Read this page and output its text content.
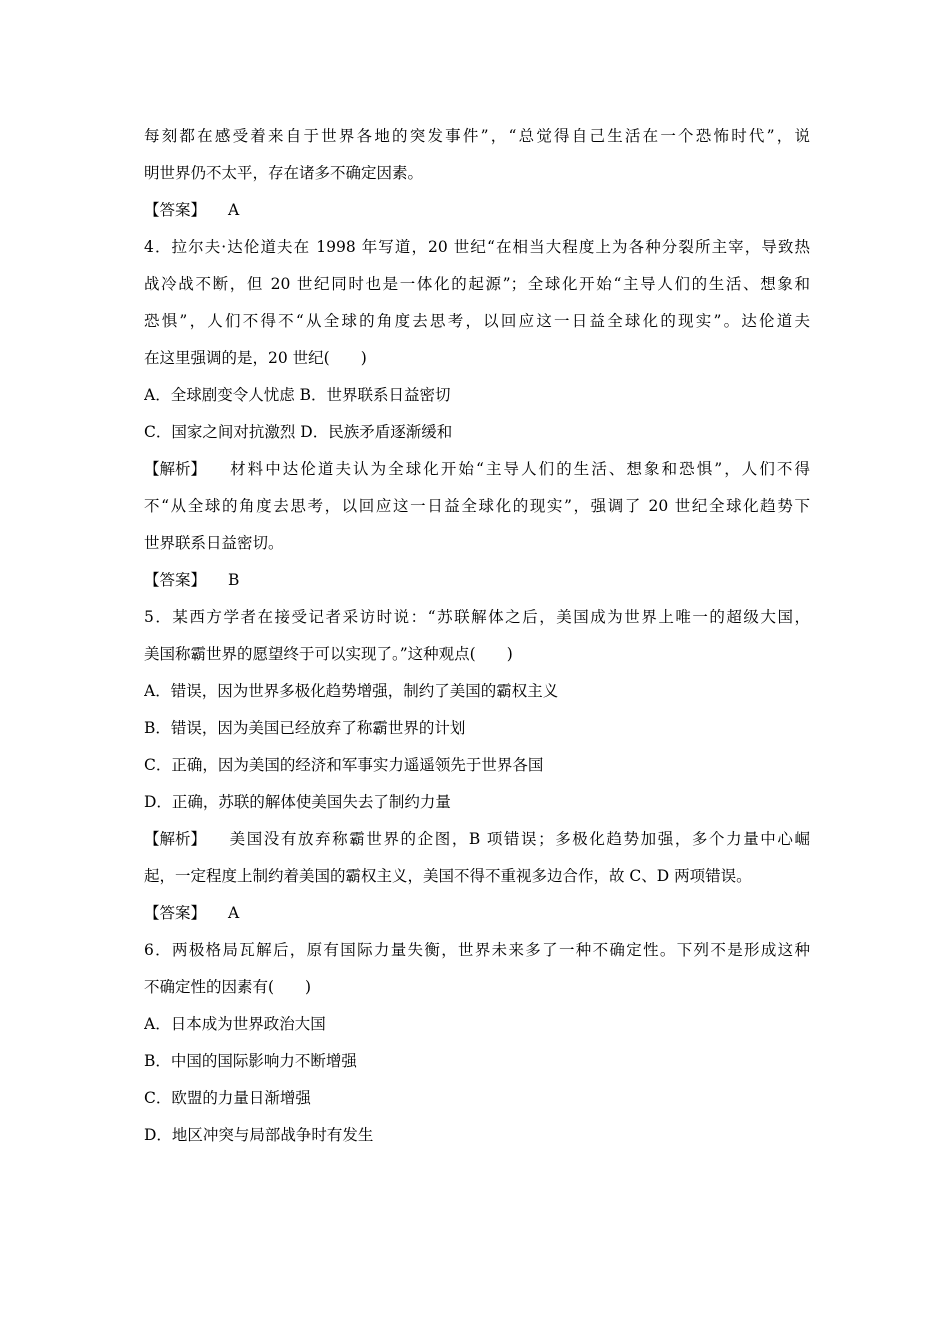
每刻都在感受着来自于世界各地的突发事件”，“总觉得自己生活在一个恐怖时代”，说
明世界仍不太平，存在诸多不确定因素。
【答案】 A
4．拉尔夫·达伦道夫在 1998 年写道，20 世纪“在相当大程度上为各种分裂所主宰，导致热
战冷战不断，但 20 世纪同时也是一体化的起源”；全球化开始“主导人们的生活、想象和
恐惧”，人们不得不“从全球的角度去思考，以回应这一日益全球化的现实”。达伦道夫
在这里强调的是，20 世纪(　　)
A．全球剧变令人忧虑 B．世界联系日益密切
C．国家之间对抗激烈 D．民族矛盾逐渐缓和
【解析】 材料中达伦道夫认为全球化开始“主导人们的生活、想象和恐惧”，人们不得
不“从全球的角度去思考，以回应这一日益全球化的现实”，强调了 20 世纪全球化趋势下
世界联系日益密切。
【答案】 B
5．某西方学者在接受记者采访时说：“苏联解体之后，美国成为世界上唯一的超级大国，
美国称霸世界的愿望终于可以实现了。”这种观点(　　)
A．错误，因为世界多极化趋势增强，制约了美国的霸权主义
B．错误，因为美国已经放弃了称霸世界的计划
C．正确，因为美国的经济和军事实力遥遥领先于世界各国
D．正确，苏联的解体使美国失去了制约力量
【解析】 美国没有放弃称霸世界的企图，B 项错误；多极化趋势加强，多个力量中心崛
起，一定程度上制约着美国的霸权主义，美国不得不重视多边合作，故 C、D 两项错误。
【答案】 A
6．两极格局瓦解后，原有国际力量失衡，世界未来多了一种不确定性。下列不是形成这种
不确定性的因素有(　　)
A．日本成为世界政治大国
B．中国的国际影响力不断增强
C．欧盟的力量日渐增强
D．地区冲突与局部战争时有发生
